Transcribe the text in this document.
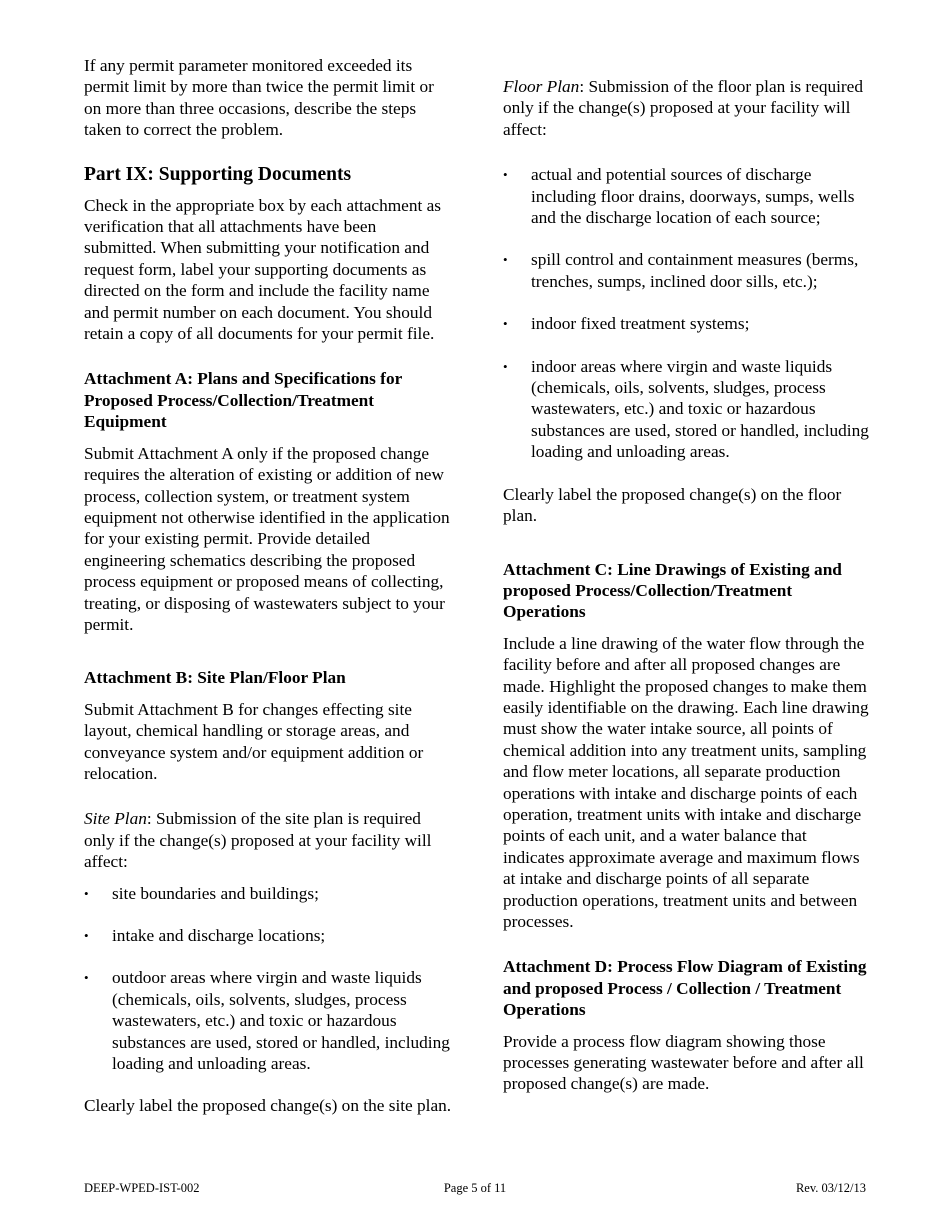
If any permit parameter monitored exceeded its permit limit by more than twice the permit limit or on more than three occasions, describe the steps taken to correct the problem.

Part IX: Supporting Documents

Check in the appropriate box by each attachment as verification that all attachments have been submitted. When submitting your notification and request form, label your supporting documents as directed on the form and include the facility name and permit number on each document. You should retain a copy of all documents for your permit file.

Attachment A: Plans and Specifications for Proposed Process/Collection/Treatment Equipment

Submit Attachment A only if the proposed change requires the alteration of existing or addition of new process, collection system, or treatment system equipment not otherwise identified in the application for your existing permit. Provide detailed engineering schematics describing the proposed process equipment or proposed means of collecting, treating, or disposing of wastewaters subject to your permit.

Attachment B: Site Plan/Floor Plan

Submit Attachment B for changes effecting site layout, chemical handling or storage areas, and conveyance system and/or equipment addition or relocation.

Site Plan: Submission of the site plan is required only if the change(s) proposed at your facility will affect:

• site boundaries and buildings;
• intake and discharge locations;
• outdoor areas where virgin and waste liquids (chemicals, oils, solvents, sludges, process wastewaters, etc.) and toxic or hazardous substances are used, stored or handled, including loading and unloading areas.

Clearly label the proposed change(s) on the site plan.

Floor Plan: Submission of the floor plan is required only if the change(s) proposed at your facility will affect:

• actual and potential sources of discharge including floor drains, doorways, sumps, wells and the discharge location of each source;
• spill control and containment measures (berms, trenches, sumps, inclined door sills, etc.);
• indoor fixed treatment systems;
• indoor areas where virgin and waste liquids (chemicals, oils, solvents, sludges, process wastewaters, etc.) and toxic or hazardous substances are used, stored or handled, including loading and unloading areas.

Clearly label the proposed change(s) on the floor plan.

Attachment C: Line Drawings of Existing and proposed Process/Collection/Treatment Operations

Include a line drawing of the water flow through the facility before and after all proposed changes are made. Highlight the proposed changes to make them easily identifiable on the drawing. Each line drawing must show the water intake source, all points of chemical addition into any treatment units, sampling and flow meter locations, all separate production operations with intake and discharge points of each operation, treatment units with intake and discharge points of each unit, and a water balance that indicates approximate average and maximum flows at intake and discharge points of all separate production operations, treatment units and between processes.

Attachment D: Process Flow Diagram of Existing and proposed Process / Collection / Treatment Operations

Provide a process flow diagram showing those processes generating wastewater before and after all proposed change(s) are made.

DEEP-WPED-IST-002	Page 5 of 11	Rev. 03/12/13
